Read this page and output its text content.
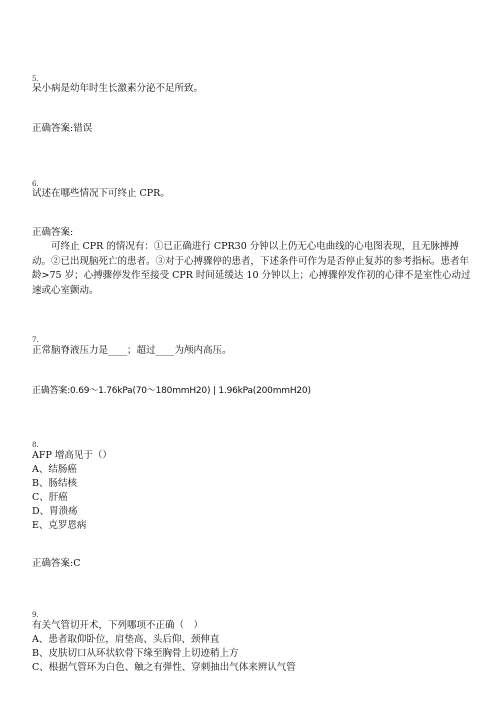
5.
呆小病是幼年时生长激素分泌不足所致。
正确答案:错误
6.
试述在哪些情况下可终止 CPR。
正确答案:
可终止 CPR 的情况有：①已正确进行 CPR30 分钟以上仍无心电曲线的心电图表现，且无脉搏搏动。②已出现脑死亡的患者。③对于心搏骤停的患者，下述条件可作为是否停止复苏的参考指标。患者年龄>75 岁；心搏骤停发作至接受 CPR 时间延缓达 10 分钟以上；心搏骤停发作初的心律不是室性心动过速或心室颤动。
7.
正常脑脊液压力是____；超过____为颅内高压。
正确答案:0.69～1.76kPa(70～180mmH20) | 1.96kPa(200mmH20)
8.
AFP 增高见于（）
A、结肠癌
B、肠结核
C、肝癌
D、胃溃疡
E、克罗恩病
正确答案:C
9.
有关气管切开术，下列哪项不正确（　）
A、患者取仰卧位，肩垫高、头后仰、颈伸直
B、皮肤切口从环状软骨下缘至胸骨上切迹稍上方
C、根据气管环为白色、触之有弹性、穿刺抽出气体来辨认气管
